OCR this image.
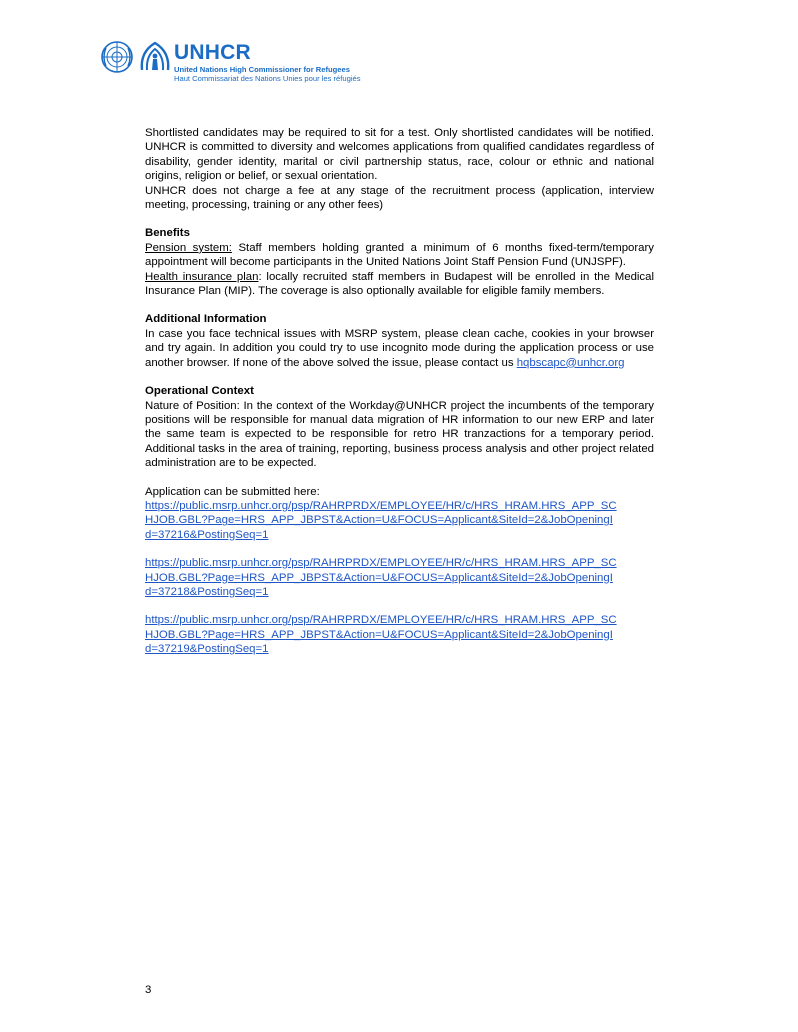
UNHCR
United Nations High Commissioner for Refugees
Haut Commissariat des Nations Unies pour les réfugiés

Shortlisted candidates may be required to sit for a test. Only shortlisted candidates will be notified. UNHCR is committed to diversity and welcomes applications from qualified candidates regardless of disability, gender identity, marital or civil partnership status, race, colour or ethnic and national origins, religion or belief, or sexual orientation.

UNHCR does not charge a fee at any stage of the recruitment process (application, interview meeting, processing, training or any other fees)

Benefits

Pension system: Staff members holding granted a minimum of 6 months fixed-term/temporary appointment will become participants in the United Nations Joint Staff Pension Fund (UNJSPF).

Health insurance plan: locally recruited staff members in Budapest will be enrolled in the Medical Insurance Plan (MIP). The coverage is also optionally available for eligible family members.

Additional Information

In case you face technical issues with MSRP system, please clean cache, cookies in your browser and try again. In addition you could try to use incognito mode during the application process or use another browser. If none of the above solved the issue, please contact us hqbscapc@unhcr.org

Operational Context

Nature of Position: In the context of the Workday@UNHCR project the incumbents of the temporary positions will be responsible for manual data migration of HR information to our new ERP and later the same team is expected to be responsible for retro HR tranzactions for a temporary period. Additional tasks in the area of training, reporting, business process analysis and other project related administration are to be expected.

Application can be submitted here:

https://public.msrp.unhcr.org/psp/RAHRPRDX/EMPLOYEE/HR/c/HRS_HRAM.HRS_APP_SC
HJOB.GBL?Page=HRS_APP_JBPST&Action=U&FOCUS=Applicant&SiteId=2&JobOpeningI
d=37216&PostingSeq=1

https://public.msrp.unhcr.org/psp/RAHRPRDX/EMPLOYEE/HR/c/HRS_HRAM.HRS_APP_SC
HJOB.GBL?Page=HRS_APP_JBPST&Action=U&FOCUS=Applicant&SiteId=2&JobOpeningI
d=37218&PostingSeq=1

https://public.msrp.unhcr.org/psp/RAHRPRDX/EMPLOYEE/HR/c/HRS_HRAM.HRS_APP_SC
HJOB.GBL?Page=HRS_APP_JBPST&Action=U&FOCUS=Applicant&SiteId=2&JobOpeningI
d=37219&PostingSeq=1

3
